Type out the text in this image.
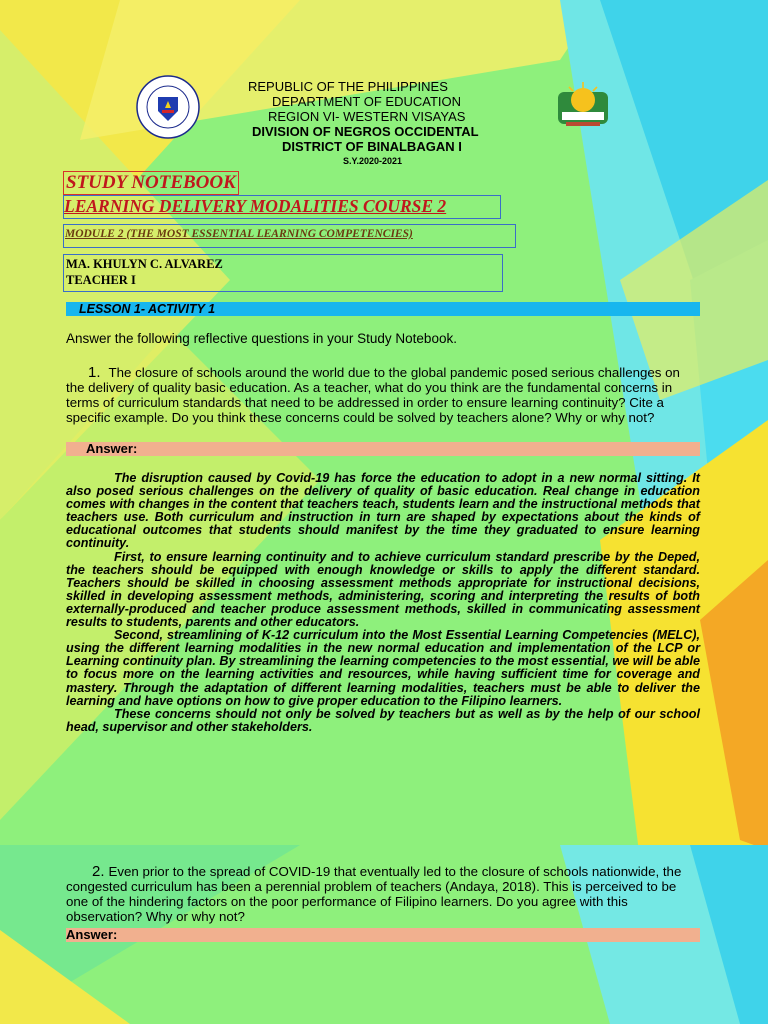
REPUBLIC OF THE PHILIPPINES
DEPARTMENT OF EDUCATION
REGION VI- WESTERN VISAYAS
DIVISION OF NEGROS OCCIDENTAL
DISTRICT OF BINALBAGAN I
S.Y.2020-2021
STUDY NOTEBOOK
LEARNING DELIVERY MODALITIES COURSE 2
MODULE 2 (THE MOST ESSENTIAL LEARNING COMPETENCIES)
MA. KHULYN C. ALVAREZ
TEACHER I
LESSON 1- ACTIVITY 1
Answer the following reflective questions in your Study Notebook.
1. The closure of schools around the world due to the global pandemic posed serious challenges on the delivery of quality basic education. As a teacher, what do you think are the fundamental concerns in terms of curriculum standards that need to be addressed in order to ensure learning continuity? Cite a specific example. Do you think these concerns could be solved by teachers alone? Why or why not?
Answer:

The disruption caused by Covid-19 has force the education to adopt in a new normal sitting. It also posed serious challenges on the delivery of quality of basic education. Real change in education comes with changes in the content that teachers teach, students learn and the instructional methods that teachers use. Both curriculum and instruction in turn are shaped by expectations about the kinds of educational outcomes that students should manifest by the time they graduated to ensure learning continuity.

First, to ensure learning continuity and to achieve curriculum standard prescribe by the Deped, the teachers should be equipped with enough knowledge or skills to apply the different standard. Teachers should be skilled in choosing assessment methods appropriate for instructional decisions, skilled in developing assessment methods, administering, scoring and interpreting the results of both externally-produced and teacher produce assessment methods, skilled in communicating assessment results to students, parents and other educators.

Second, streamlining of K-12 curriculum into the Most Essential Learning Competencies (MELC), using the different learning modalities in the new normal education and implementation of the LCP or Learning continuity plan. By streamlining the learning competencies to the most essential, we will be able to focus more on the learning activities and resources, while having sufficient time for coverage and mastery. Through the adaptation of different learning modalities, teachers must be able to deliver the learning and have options on how to give proper education to the Filipino learners.

These concerns should not only be solved by teachers but as well as by the help of our school head, supervisor and other stakeholders.

2. Even prior to the spread of COVID-19 that eventually led to the closure of schools nationwide, the congested curriculum has been a perennial problem of teachers (Andaya, 2018). This is perceived to be one of the hindering factors on the poor performance of Filipino learners. Do you agree with this observation? Why or why not?
Answer:
